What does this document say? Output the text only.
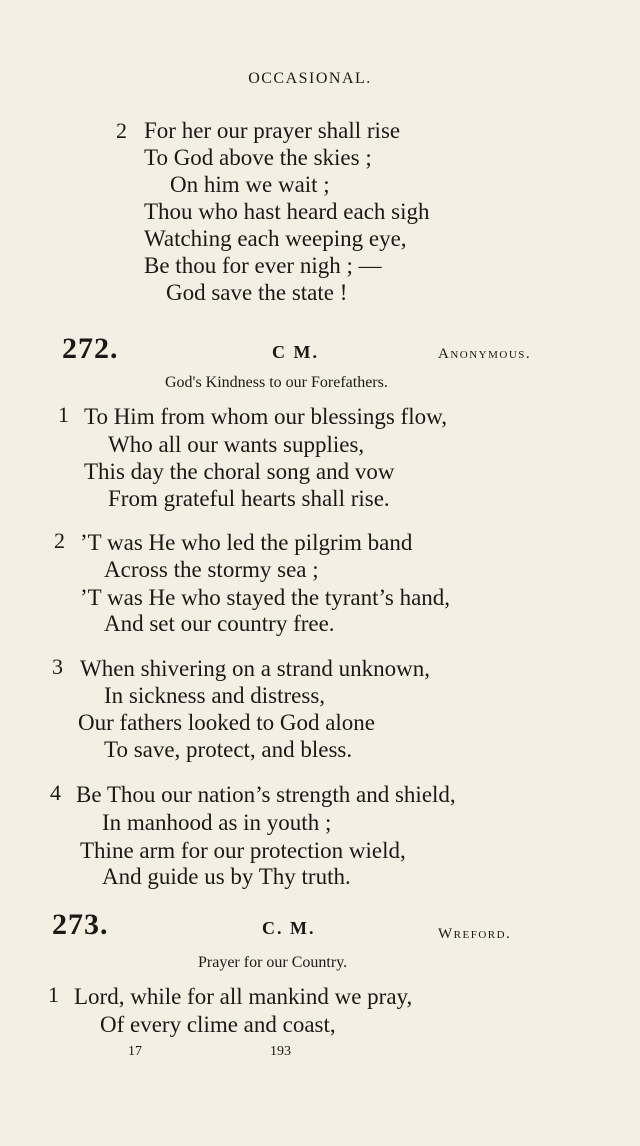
OCCASIONAL.
2 For her our prayer shall rise
To God above the skies ;
On him we wait ;
Thou who hast heard each sigh
Watching each weeping eye,
Be thou for ever nigh ; —
God save the state !
272.	C M.	Anonymous.
God's Kindness to our Forefathers.
1 To Him from whom our blessings flow,
Who all our wants supplies,
This day the choral song and vow
From grateful hearts shall rise.
2 ’T was He who led the pilgrim band
Across the stormy sea ;
’T was He who stayed the tyrant’s hand,
And set our country free.
3 When shivering on a strand unknown,
In sickness and distress,
Our fathers looked to God alone
To save, protect, and bless.
4 Be Thou our nation’s strength and shield,
In manhood as in youth ;
Thine arm for our protection wield,
And guide us by Thy truth.
273.	C. M.	Wreford.
Prayer for our Country.
1 Lord, while for all mankind we pray,
Of every clime and coast,
17	193
